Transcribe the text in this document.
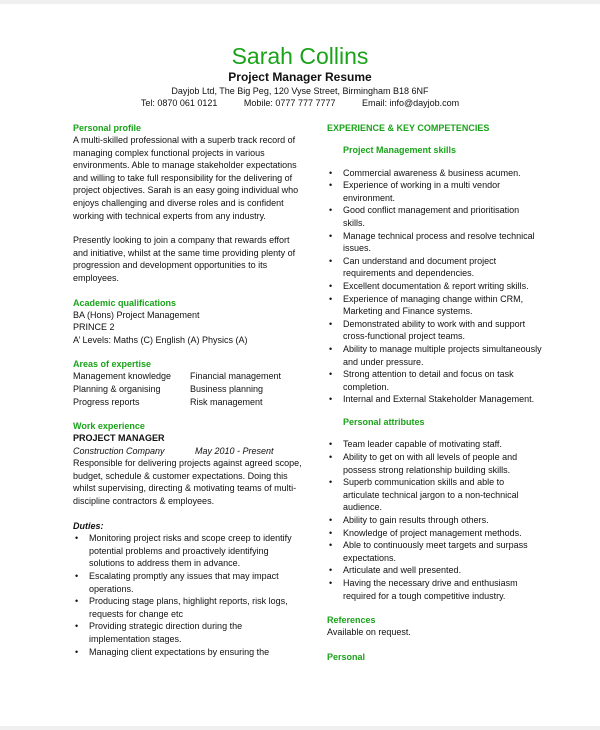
Sarah Collins
Project Manager Resume
Dayjob Ltd, The Big Peg, 120 Vyse Street, Birmingham B18 6NF
Tel: 0870 061 0121	Mobile: 0777 777 7777	Email: info@dayjob.com
Personal profile

A multi-skilled professional with a superb track record of managing complex functional projects in various environments. Able to manage stakeholder expectations and willing to take full responsibility for the delivering of project objectives. Sarah is an easy going individual who enjoys challenging and diverse roles and is confident working with technical experts from any industry.

Presently looking to join a company that rewards effort and initiative, whilst at the same time providing plenty of progression and development opportunities to its employees.

Academic qualifications
BA (Hons) Project Management
PRINCE 2
A’ Levels: Maths (C) English (A) Physics (A)
Areas of expertise
Management knowledge	Financial management
Planning & organising	Business planning
Progress reports	Risk management
Work experience
PROJECT MANAGER
Construction Company	May 2010 - Present

Responsible for delivering projects against agreed scope, budget, schedule & customer expectations. Doing this whilst supervising, directing & motivating teams of multi-discipline contractors & employees.

Duties:
• Monitoring project risks and scope creep to identify potential problems and proactively identifying solutions to address them in advance.
• Escalating promptly any issues that may impact operations.
• Producing stage plans, highlight reports, risk logs, requests for change etc
• Providing strategic direction during the implementation stages.
• Managing client expectations by ensuring the
EXPERIENCE & KEY COMPETENCIES
Project Management skills
• Commercial awareness & business acumen.
• Experience of working in a multi vendor environment.
• Good conflict management and prioritisation skills.
• Manage technical process and resolve technical issues.
• Can understand and document project requirements and dependencies.
• Excellent documentation & report writing skills.
• Experience of managing change within CRM, Marketing and Finance systems.
• Demonstrated ability to work with and support cross-functional project teams.
• Ability to manage multiple projects simultaneously and under pressure.
• Strong attention to detail and focus on task completion.
• Internal and External Stakeholder Management.
Personal attributes
• Team leader capable of motivating staff.
• Ability to get on with all levels of people and possess strong relationship building skills.
• Superb communication skills and able to articulate technical jargon to a non-technical audience.
• Ability to gain results through others.
• Knowledge of project management methods.
• Able to continuously meet targets and surpass expectations.
• Articulate and well presented.
• Having the necessary drive and enthusiasm required for a tough competitive industry.
References
Available on request.
Personal
